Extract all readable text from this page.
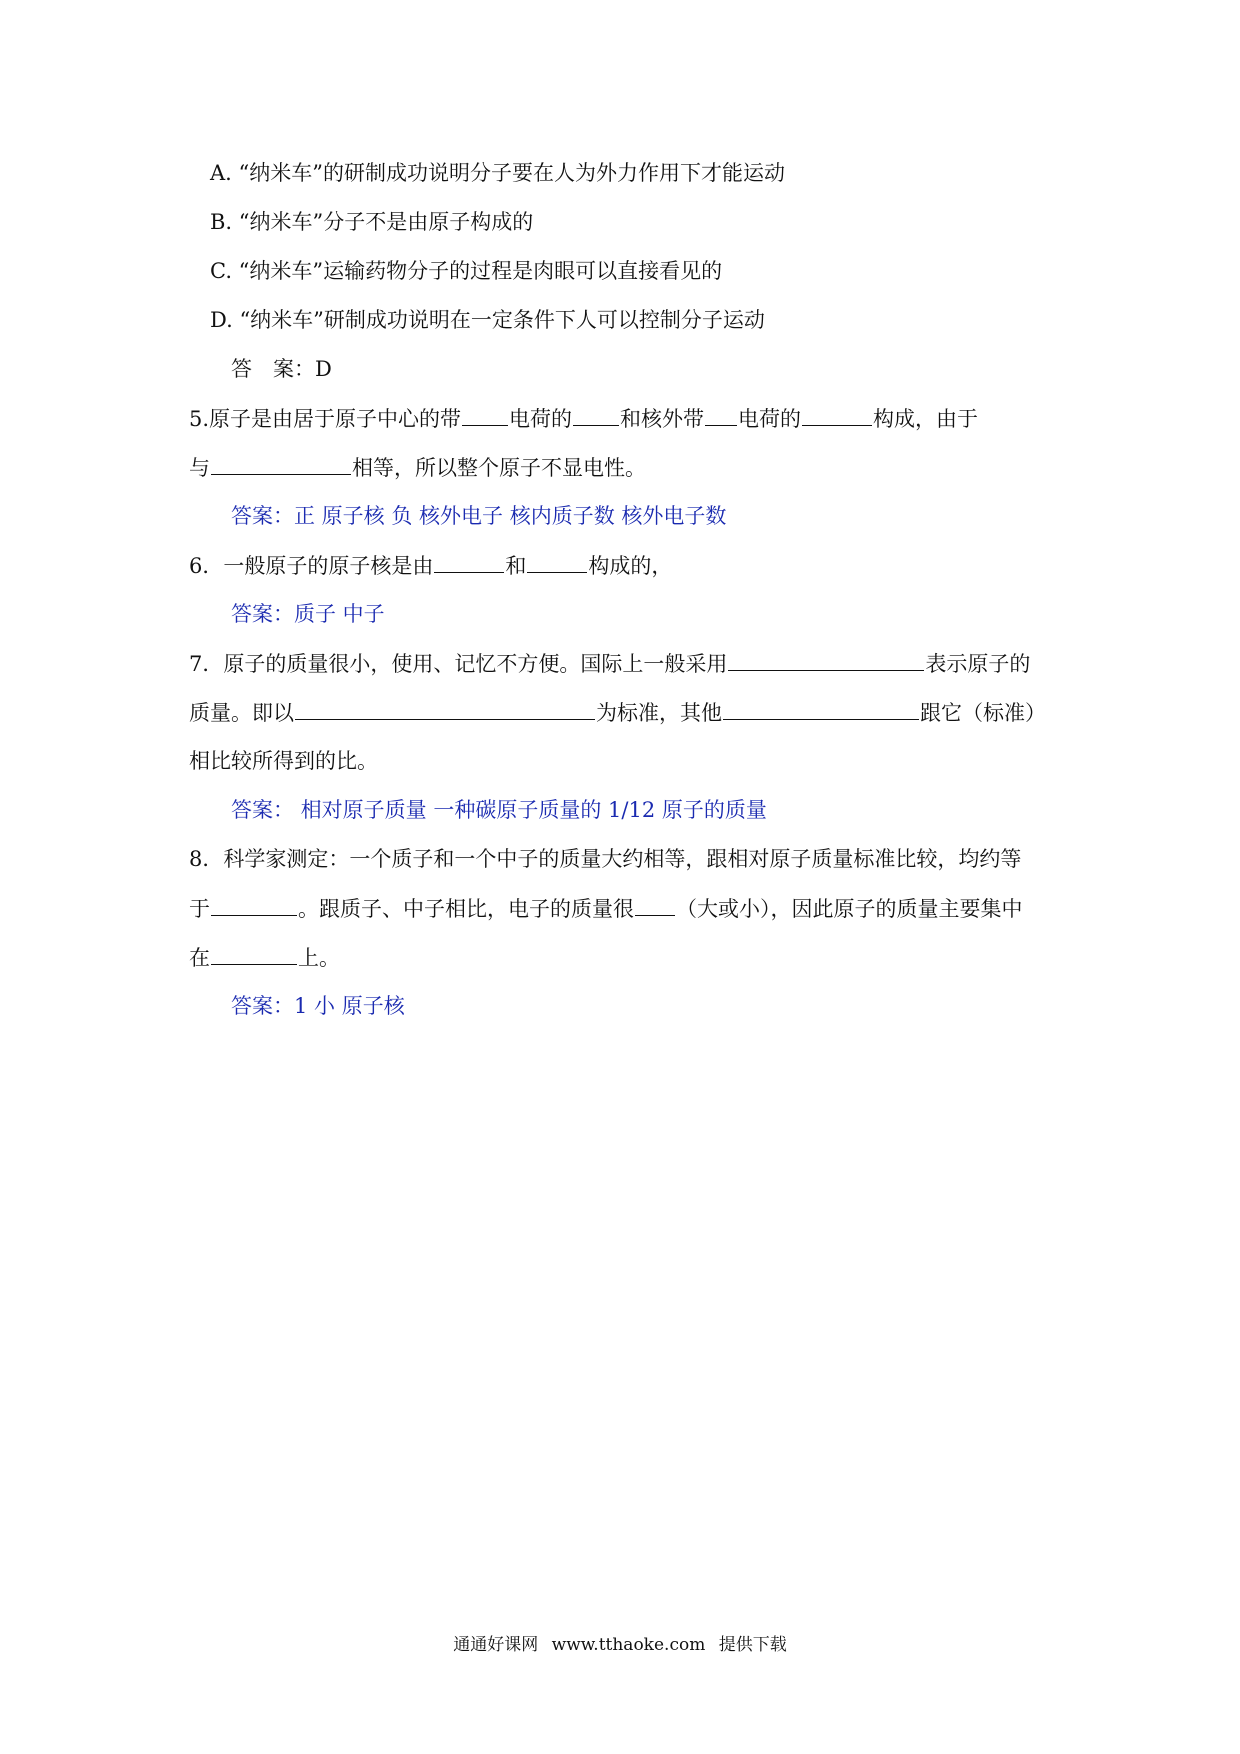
A. “纳米车”的研制成功说明分子要在人为外力作用下才能运动
B. “纳米车”分子不是由原子构成的
C. “纳米车”运输药物分子的过程是肉眼可以直接看见的
D. “纳米车”研制成功说明在一定条件下人可以控制分子运动
答　案：D
5.原子是由居于原子中心的带 电荷的 和核外带 电荷的	构成，由于
与	相等，所以整个原子不显电性。
答案：正 原子核 负 核外电子 核内质子数 核外电子数
6．一般原子的原子核是由	和	构成的，
答案：质子 中子
7．原子的质量很小，使用、记忆不方便。国际上一般采用	表示原子的
质量。即以	为标准，其他	跟它（标准）
相比较所得到的比。
答案： 相对原子质量 一种碳原子质量的 1/12 原子的质量
8．科学家测定：一个质子和一个中子的质量大约相等，跟相对原子质量标准比较，均约等
于	。跟质子、中子相比，电子的质量很 （大或小），因此原子的质量主要集中
在	上。
答案：1 小 原子核
通通好课网 www.tthaoke.com 提供下载
